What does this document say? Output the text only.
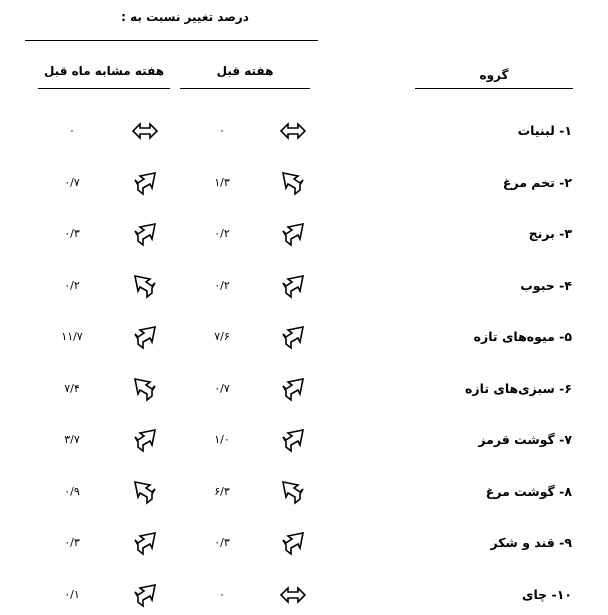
درصد تغییر نسبت به :
هفته مشابه ماه قبل	هفته قبل	گروه
۱- لبنیات
۰
۰
۲- تخم مرغ
۱/۳
۰/۷
۳- برنج
۰/۲
۰/۳
۴- حبوب
۰/۲
۰/۲
۵- میوه‌های تازه
۷/۶
۱۱/۷
۶- سبزی‌های تازه
۰/۷
۷/۴
۷- گوشت قرمز
۱/۰
۳/۷
۸- گوشت مرغ
۶/۳
۰/۹
۹- قند و شکر
۰/۳
۰/۳
۱۰- چای
۰
۰/۱
